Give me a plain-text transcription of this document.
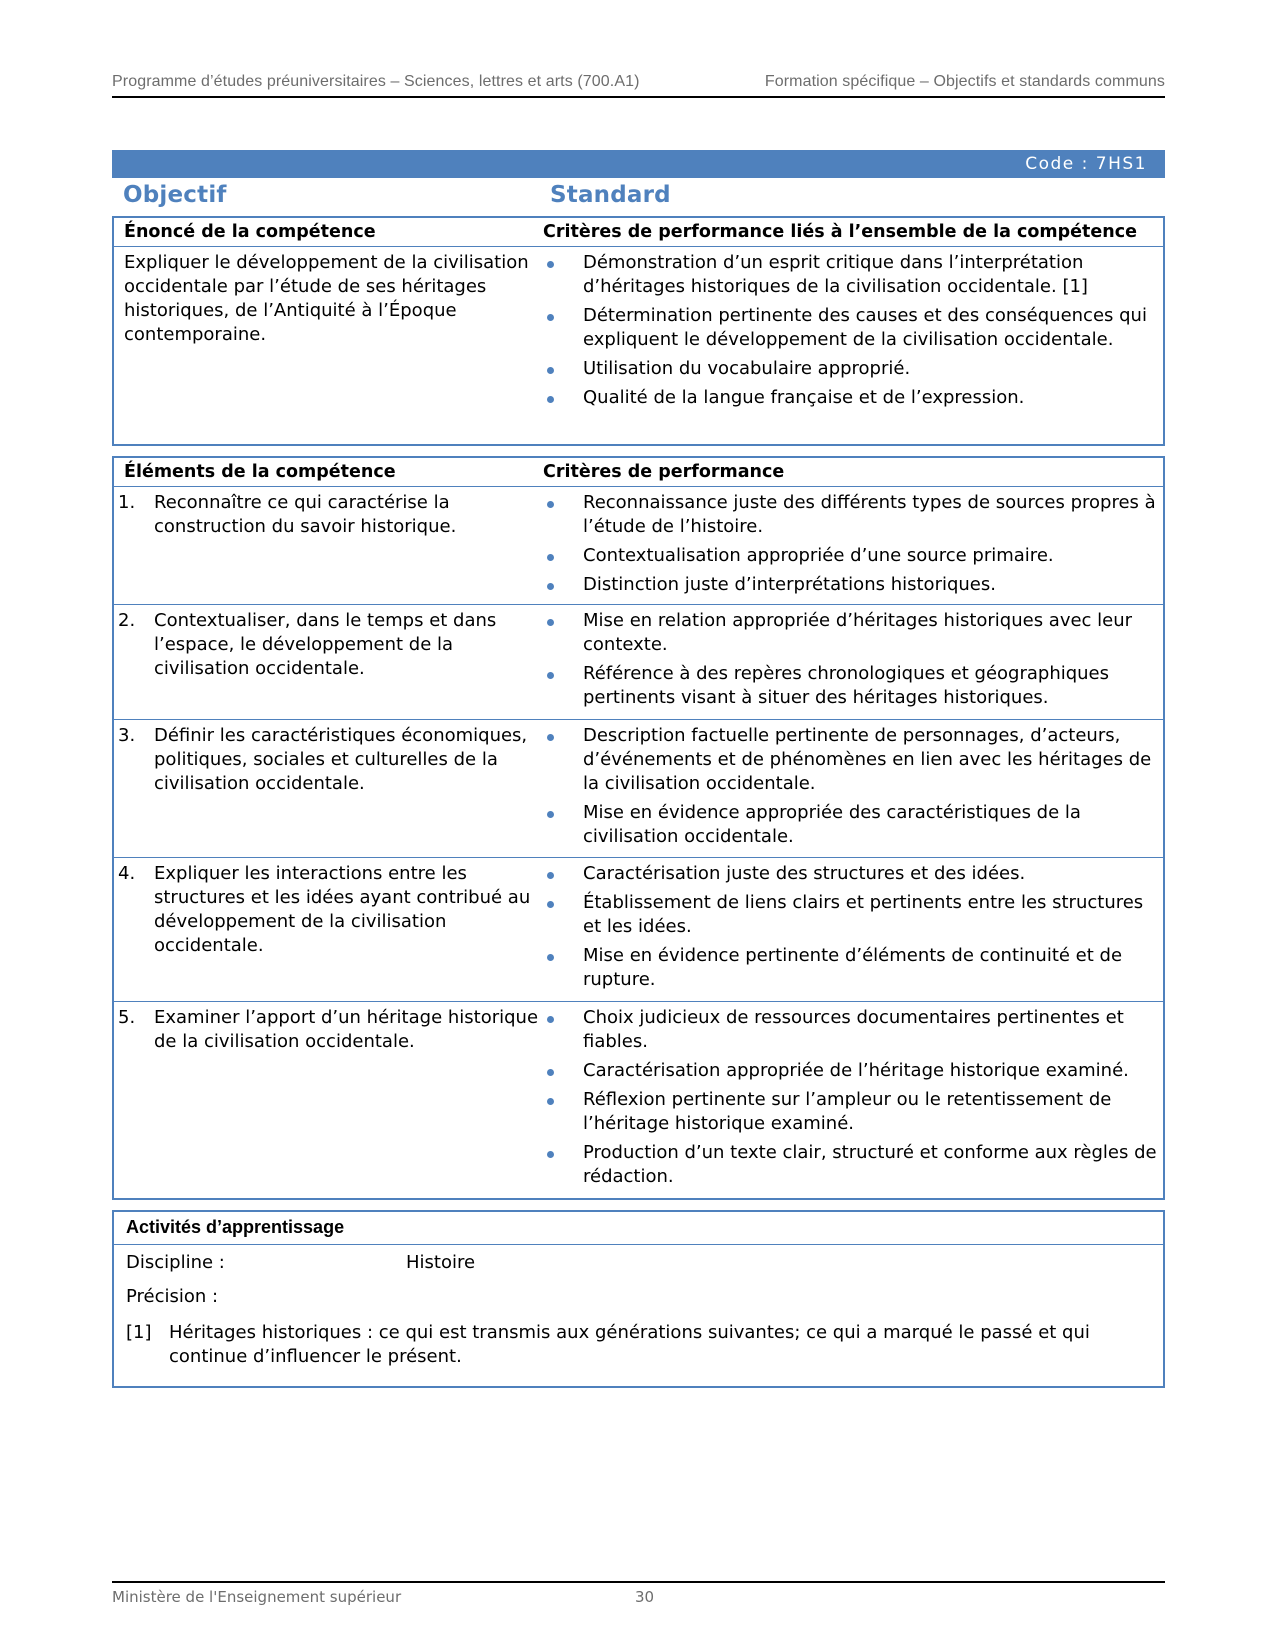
Programme d’études préuniversitaires – Sciences, lettres et arts (700.A1)	Formation spécifique – Objectifs et standards communs
Code : 7HS1
Objectif	Standard
Énoncé de la compétence	Critères de performance liés à l’ensemble de la compétence
Expliquer le développement de la civilisation occidentale par l’étude de ses héritages historiques, de l’Antiquité à l’Époque contemporaine.
Démonstration d’un esprit critique dans l’interprétation d’héritages historiques de la civilisation occidentale. [1]
Détermination pertinente des causes et des conséquences qui expliquent le développement de la civilisation occidentale.
Utilisation du vocabulaire approprié.
Qualité de la langue française et de l’expression.
Éléments de la compétence	Critères de performance
1.	Reconnaître ce qui caractérise la construction du savoir historique.
Reconnaissance juste des différents types de sources propres à l’étude de l’histoire.
Contextualisation appropriée d’une source primaire.
Distinction juste d’interprétations historiques.
2.	Contextualiser, dans le temps et dans l’espace, le développement de la civilisation occidentale.
Mise en relation appropriée d’héritages historiques avec leur contexte.
Référence à des repères chronologiques et géographiques pertinents visant à situer des héritages historiques.
3.	Définir les caractéristiques économiques, politiques, sociales et culturelles de la civilisation occidentale.
Description factuelle pertinente de personnages, d’acteurs, d’événements et de phénomènes en lien avec les héritages de la civilisation occidentale.
Mise en évidence appropriée des caractéristiques de la civilisation occidentale.
4.	Expliquer les interactions entre les structures et les idées ayant contribué au développement de la civilisation occidentale.
Caractérisation juste des structures et des idées.
Établissement de liens clairs et pertinents entre les structures et les idées.
Mise en évidence pertinente d’éléments de continuité et de rupture.
5.	Examiner l’apport d’un héritage historique de la civilisation occidentale.
Choix judicieux de ressources documentaires pertinentes et fiables.
Caractérisation appropriée de l’héritage historique examiné.
Réflexion pertinente sur l’ampleur ou le retentissement de l’héritage historique examiné.
Production d’un texte clair, structuré et conforme aux règles de rédaction.
Activités d’apprentissage
Discipline :	Histoire
Précision :
[1] Héritages historiques : ce qui est transmis aux générations suivantes; ce qui a marqué le passé et qui continue d’influencer le présent.
Ministère de l'Enseignement supérieur	30
